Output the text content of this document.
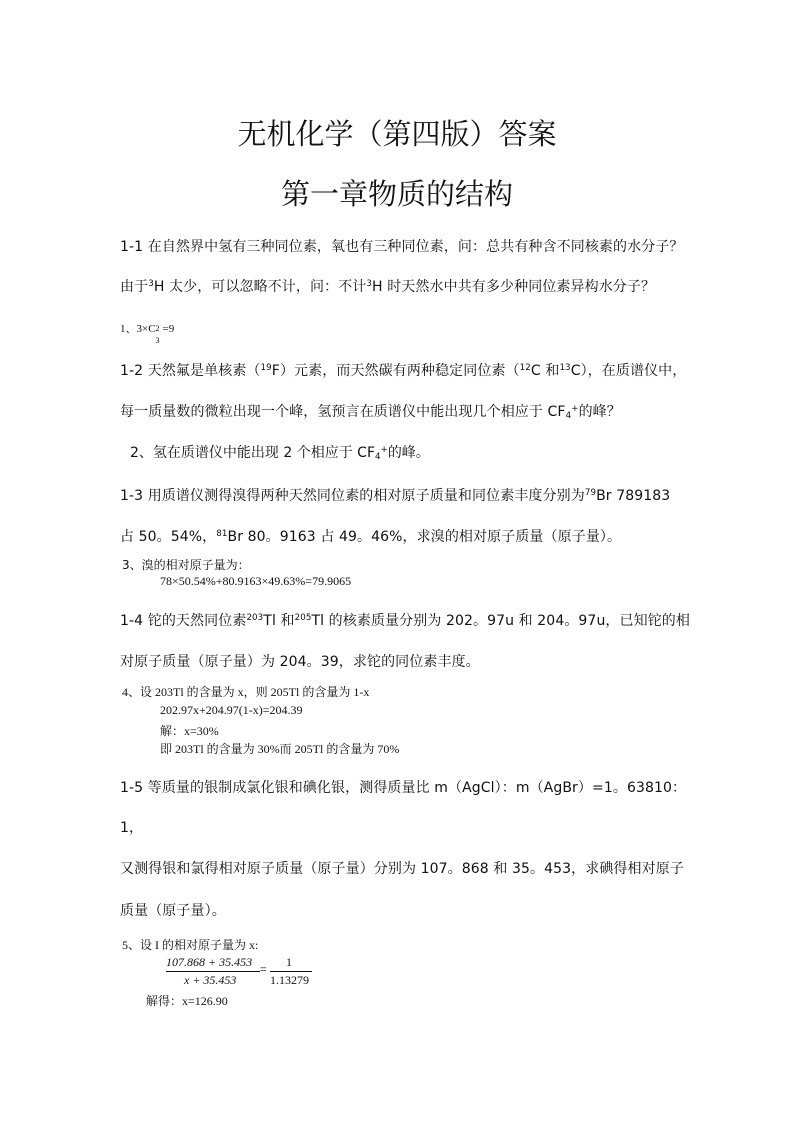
无机化学（第四版）答案
第一章物质的结构
1-1 在自然界中氢有三种同位素，氧也有三种同位素，问：总共有种含不同核素的水分子？
由于$^3$H 太少，可以忽略不计，问：不计$^3$H 时天然水中共有多少种同位素异构水分子？
1、3×C 2
3
=9
1-2 天然氟是单核素（$^{19}$F）元素，而天然碳有两种稳定同位素（$^{12}$C 和$^{13}$C），在质谱仪中，
每一质量数的微粒出现一个峰，氢预言在质谱仪中能出现几个相应于 $CF_4^+$的峰？
2、氢在质谱仪中能出现 2 个相应于 $CF_4^+$的峰。
1-3 用质谱仪测得溴得两种天然同位素的相对原子质量和同位素丰度分别为$^{79}$Br 789183
占 50。54%，$^{81}$Br 80。9163 占 49。46%，求溴的相对原子质量（原子量）。
3、溴的相对原子量为：
78×50.54%+80.9163×49.63%=79.9065
1-4 铊的天然同位素$^{203}$Tl 和$^{205}$Tl 的核素质量分别为 202。97u 和 204。97u，已知铊的相
对原子质量（原子量）为 204。39，求铊的同位素丰度。
4、设 203Tl 的含量为 x，则 205Tl 的含量为 1-x
202.97x+204.97(1-x)=204.39
解：x=30%
即 203Tl 的含量为 30%而 205Tl 的含量为 70%
1-5 等质量的银制成氯化银和碘化银，测得质量比 m（AgCl）：m（AgBr）=1。63810：
1，
又测得银和氯得相对原子质量（原子量）分别为 107。868 和 35。453，求碘得相对原子
质量（原子量）。
5、设 I 的相对原子量为 x:
107.868 + 35.453
x + 35.453
= 1
1.13279
解得：x=126.90
